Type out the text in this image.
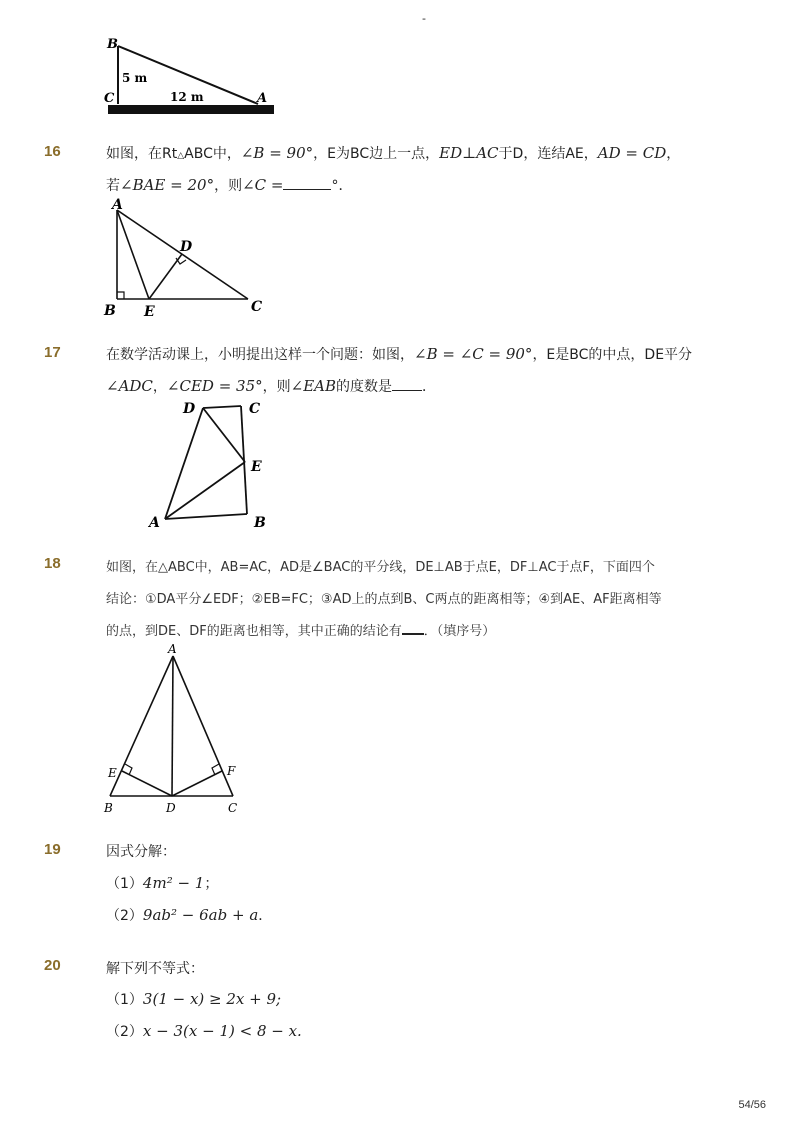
-
B
C	A
5 m
12 m
16	如图，在Rt△ABC中，∠B = 90°，E为BC边上一点，ED⊥AC于D，连结AE，AD = CD，
若∠BAE = 20°，则∠C =	°．
A
D
B E	C
17	在数学活动课上，小明提出这样一个问题：如图，∠B = ∠C = 90°，E是BC的中点，DE平分
∠ADC，∠CED = 35°，则∠EAB的度数是 ．
D	C
E
A	B
18	如图，在△ABC中，AB=AC，AD是∠BAC的平分线，DE⊥AB于点E，DF⊥AC于点F，下面四个
结论：①DA平分∠EDF；②EB=FC；③AD上的点到B、C两点的距离相等；④到AE、AF距离相等
的点，到DE、DF的距离也相等，其中正确的结论有 ．（填序号）
A
E	F
B	D	C
19	因式分解：
（1）4m² − 1；
（2）9ab² − 6ab + a．
20	解下列不等式：
（1）3(1 − x) ≥ 2x + 9;
（2）x − 3(x − 1) < 8 − x.
54/56
